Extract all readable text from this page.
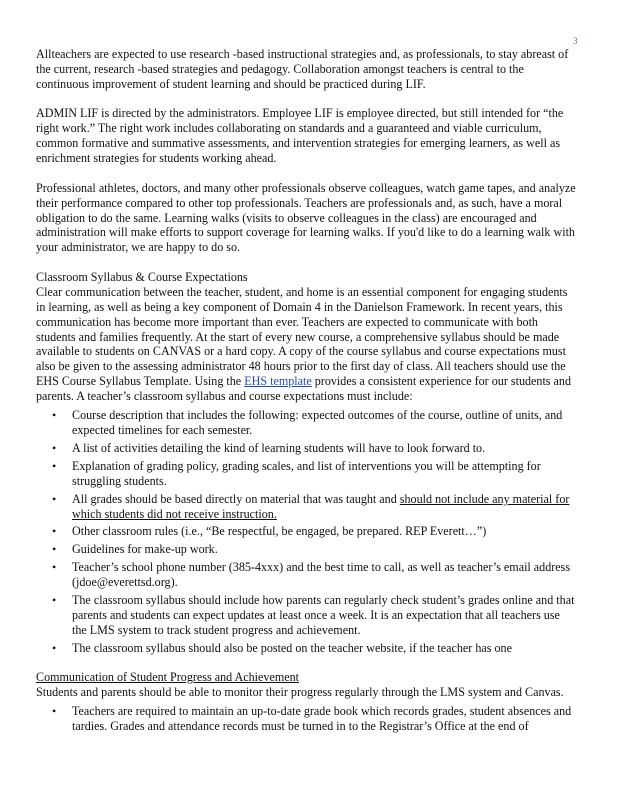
3

Allteachers are expected to use research -based instructional strategies and, as professionals, to stay abreast of the current, research -based strategies and pedagogy. Collaboration amongst teachers is central to the continuous improvement of student learning and should be practiced during LIF.

ADMIN LIF is directed by the administrators. Employee LIF is employee directed, but still intended for “the right work.” The right work includes collaborating on standards and a guaranteed and viable curriculum, common formative and summative assessments, and intervention strategies for emerging learners, as well as enrichment strategies for students working ahead.

Professional athletes, doctors, and many other professionals observe colleagues, watch game tapes, and analyze their performance compared to other top professionals. Teachers are professionals and, as such, have a moral obligation to do the same. Learning walks (visits to observe colleagues in the class) are encouraged and administration will make efforts to support coverage for learning walks. If you'd like to do a learning walk with your administrator, we are happy to do so.

Classroom Syllabus & Course Expectations

Clear communication between the teacher, student, and home is an essential component for engaging students in learning, as well as being a key component of Domain 4 in the Danielson Framework. In recent years, this communication has become more important than ever. Teachers are expected to communicate with both students and families frequently. At the start of every new course, a comprehensive syllabus should be made available to students on CANVAS or a hard copy. A copy of the course syllabus and course expectations must also be given to the assessing administrator 48 hours prior to the first day of class. All teachers should use the EHS Course Syllabus Template. Using the EHS template provides a consistent experience for our students and parents. A teacher’s classroom syllabus and course expectations must include:

• Course description that includes the following: expected outcomes of the course, outline of units, and expected timelines for each semester.
• A list of activities detailing the kind of learning students will have to look forward to.
• Explanation of grading policy, grading scales, and list of interventions you will be attempting for struggling students.
• All grades should be based directly on material that was taught and should not include any material for which students did not receive instruction.
• Other classroom rules (i.e., “Be respectful, be engaged, be prepared. REP Everett…”)
• Guidelines for make-up work.
• Teacher’s school phone number (385-4xxx) and the best time to call, as well as teacher’s email address (jdoe@everettsd.org).
• The classroom syllabus should include how parents can regularly check student’s grades online and that parents and students can expect updates at least once a week. It is an expectation that all teachers use the LMS system to track student progress and achievement.
• The classroom syllabus should also be posted on the teacher website, if the teacher has one

Communication of Student Progress and Achievement

Students and parents should be able to monitor their progress regularly through the LMS system and Canvas.

• Teachers are required to maintain an up-to-date grade book which records grades, student absences and tardies. Grades and attendance records must be turned in to the Registrar’s Office at the end of
